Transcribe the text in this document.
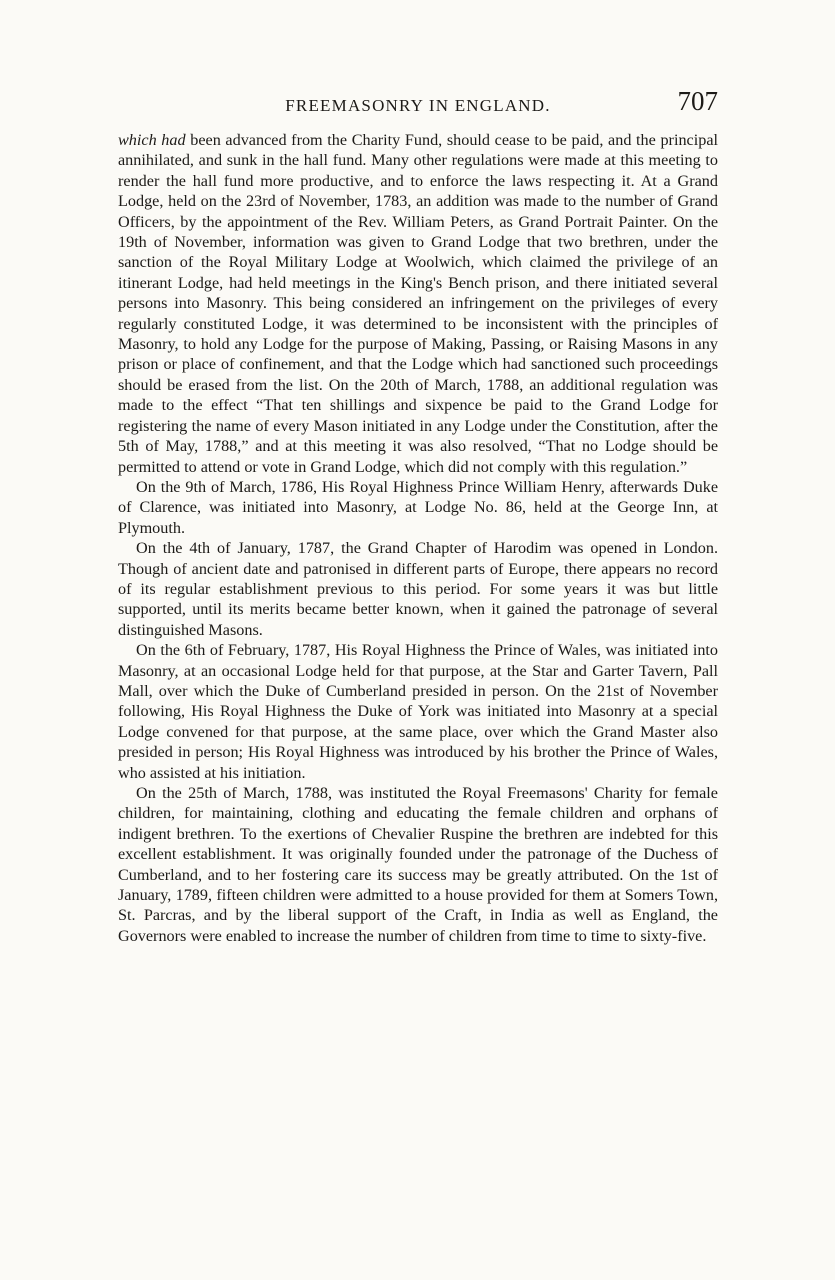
FREEMASONRY IN ENGLAND.	707

which had been advanced from the Charity Fund, should cease to be paid, and the principal annihilated, and sunk in the hall fund. Many other regulations were made at this meeting to render the hall fund more productive, and to enforce the laws respecting it. At a Grand Lodge, held on the 23rd of November, 1783, an addition was made to the number of Grand Officers, by the appointment of the Rev. William Peters, as Grand Portrait Painter. On the 19th of November, information was given to Grand Lodge that two brethren, under the sanction of the Royal Military Lodge at Woolwich, which claimed the privilege of an itinerant Lodge, had held meetings in the King's Bench prison, and there initiated several persons into Masonry. This being considered an infringement on the privileges of every regularly constituted Lodge, it was determined to be inconsistent with the principles of Masonry, to hold any Lodge for the purpose of Making, Passing, or Raising Masons in any prison or place of confinement, and that the Lodge which had sanctioned such proceedings should be erased from the list. On the 20th of March, 1788, an additional regulation was made to the effect “That ten shillings and sixpence be paid to the Grand Lodge for registering the name of every Mason initiated in any Lodge under the Constitution, after the 5th of May, 1788,” and at this meeting it was also resolved, “That no Lodge should be permitted to attend or vote in Grand Lodge, which did not comply with this regulation.”

On the 9th of March, 1786, His Royal Highness Prince William Henry, afterwards Duke of Clarence, was initiated into Masonry, at Lodge No. 86, held at the George Inn, at Plymouth.

On the 4th of January, 1787, the Grand Chapter of Harodim was opened in London. Though of ancient date and patronised in different parts of Europe, there appears no record of its regular establishment previous to this period. For some years it was but little supported, until its merits became better known, when it gained the patronage of several distinguished Masons.

On the 6th of February, 1787, His Royal Highness the Prince of Wales, was initiated into Masonry, at an occasional Lodge held for that purpose, at the Star and Garter Tavern, Pall Mall, over which the Duke of Cumberland presided in person. On the 21st of November following, His Royal Highness the Duke of York was initiated into Masonry at a special Lodge convened for that purpose, at the same place, over which the Grand Master also presided in person; His Royal Highness was introduced by his brother the Prince of Wales, who assisted at his initiation.

On the 25th of March, 1788, was instituted the Royal Freemasons' Charity for female children, for maintaining, clothing and educating the female children and orphans of indigent brethren. To the exertions of Chevalier Ruspine the brethren are indebted for this excellent establishment. It was originally founded under the patronage of the Duchess of Cumberland, and to her fostering care its success may be greatly attributed. On the 1st of January, 1789, fifteen children were admitted to a house provided for them at Somers Town, St. Parcras, and by the liberal support of the Craft, in India as well as England, the Governors were enabled to increase the number of children from time to time to sixty-five.
